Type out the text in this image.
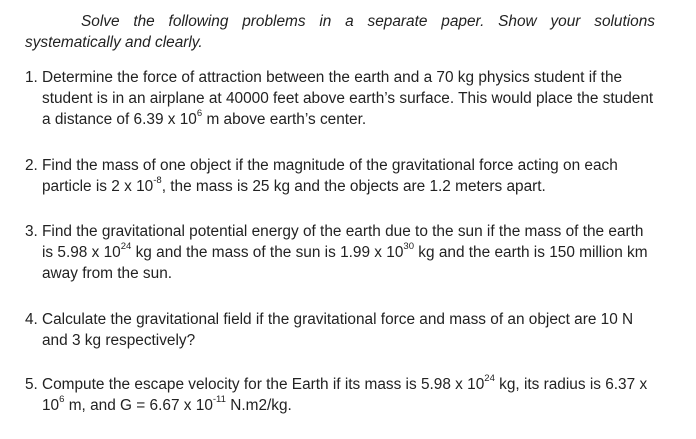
Solve the following problems in a separate paper. Show your solutions systematically and clearly.

1. Determine the force of attraction between the earth and a 70 kg physics student if the student is in an airplane at 40000 feet above earth’s surface. This would place the student a distance of 6.39 x $10^6$ m above earth’s center.
2. Find the mass of one object if the magnitude of the gravitational force acting on each particle is 2 x $10^{-8}$, the mass is 25 kg and the objects are 1.2 meters apart.
3. Find the gravitational potential energy of the earth due to the sun if the mass of the earth is 5.98 x $10^{24}$ kg and the mass of the sun is 1.99 x $10^{30}$ kg and the earth is 150 million km away from the sun.
4. Calculate the gravitational field if the gravitational force and mass of an object are 10 N and 3 kg respectively?
5. Compute the escape velocity for the Earth if its mass is 5.98 x $10^{24}$ kg, its radius is 6.37 x $10^6$ m, and G = 6.67 x $10^{-11}$ N.m2/kg.
